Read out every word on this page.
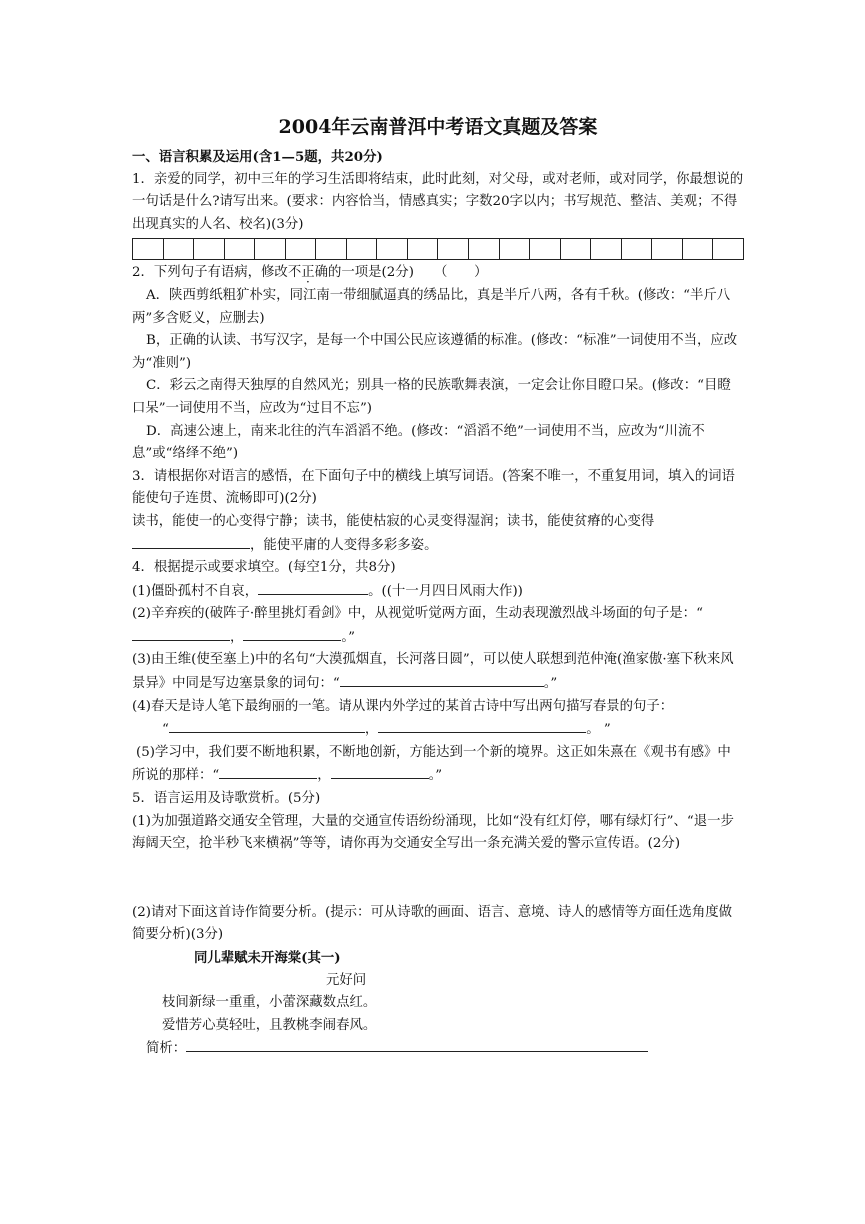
2004年云南普洱中考语文真题及答案

一、语言积累及运用(含1—5题，共20分)

1．亲爱的同学，初中三年的学习生活即将结束，此时此刻，对父母，或对老师，或对同学，你最想说的一句话是什么?请写出来。(要求：内容恰当，情感真实；字数20字以内；书写规范、整洁、美观；不得出现真实的人名、校名)(3分)

2．下列句子有语病，修改不正确的一项是(2分)　　（　　）

A．陕西剪纸粗犷朴实，同江南一带细腻逼真的绣品比，真是半斤八两，各有千秋。(修改：“半斤八两”多含贬义，应删去)

B，正确的认读、书写汉字，是每一个中国公民应该遵循的标准。(修改：“标准”一词使用不当，应改为“准则”)

C．彩云之南得天独厚的自然风光；别具一格的民族歌舞表演，一定会让你目瞪口呆。(修改：“目瞪口呆”一词使用不当，应改为“过目不忘”)

D．高速公速上，南来北往的汽车滔滔不绝。(修改：“滔滔不绝”一词使用不当，应改为“川流不息”或“络绎不绝”)

3．请根据你对语言的感悟，在下面句子中的横线上填写词语。(答案不唯一，不重复用词，填入的词语能使句子连贯、流畅即可)(2分)

读书，能使一的心变得宁静；读书，能使枯寂的心灵变得湿润；读书，能使贫瘠的心变得，能使平庸的人变得多彩多姿。

4．根据提示或要求填空。(每空1分，共8分)

(1)僵卧孤村不自哀，	。((十一月四日风雨大作))

(2)辛弃疾的(破阵子·醉里挑灯看剑》中，从视觉听觉两方面，生动表现激烈战斗场面的句子是：“，	。”

(3)由王维(使至塞上)中的名句“大漠孤烟直，长河落日圆”，可以使人联想到范仲淹(渔家傲·塞下秋来风景异》中同是写边塞景象的词句：“	。”

(4)春天是诗人笔下最绚丽的一笔。请从课内外学过的某首古诗中写出两句描写春景的句子：

“	，	。 ”

(5)学习中，我们要不断地积累，不断地创新，方能达到一个新的境界。这正如朱熹在《观书有感》中所说的那样：“	，	。”

5．语言运用及诗歌赏析。(5分)

(1)为加强道路交通安全管理，大量的交通宣传语纷纷涌现，比如“没有红灯停，哪有绿灯行”、“退一步海阔天空，抢半秒飞来横祸”等等，请你再为交通安全写出一条充满关爱的警示宣传语。(2分)

(2)请对下面这首诗作简要分析。(提示：可从诗歌的画面、语言、意境、诗人的感情等方面任选角度做简要分析)(3分)

同儿辈赋未开海棠(其一)

元好问

枝间新绿一重重，小蕾深藏数点红。

爱惜芳心莫轻吐，且教桃李闹春风。

简析：
